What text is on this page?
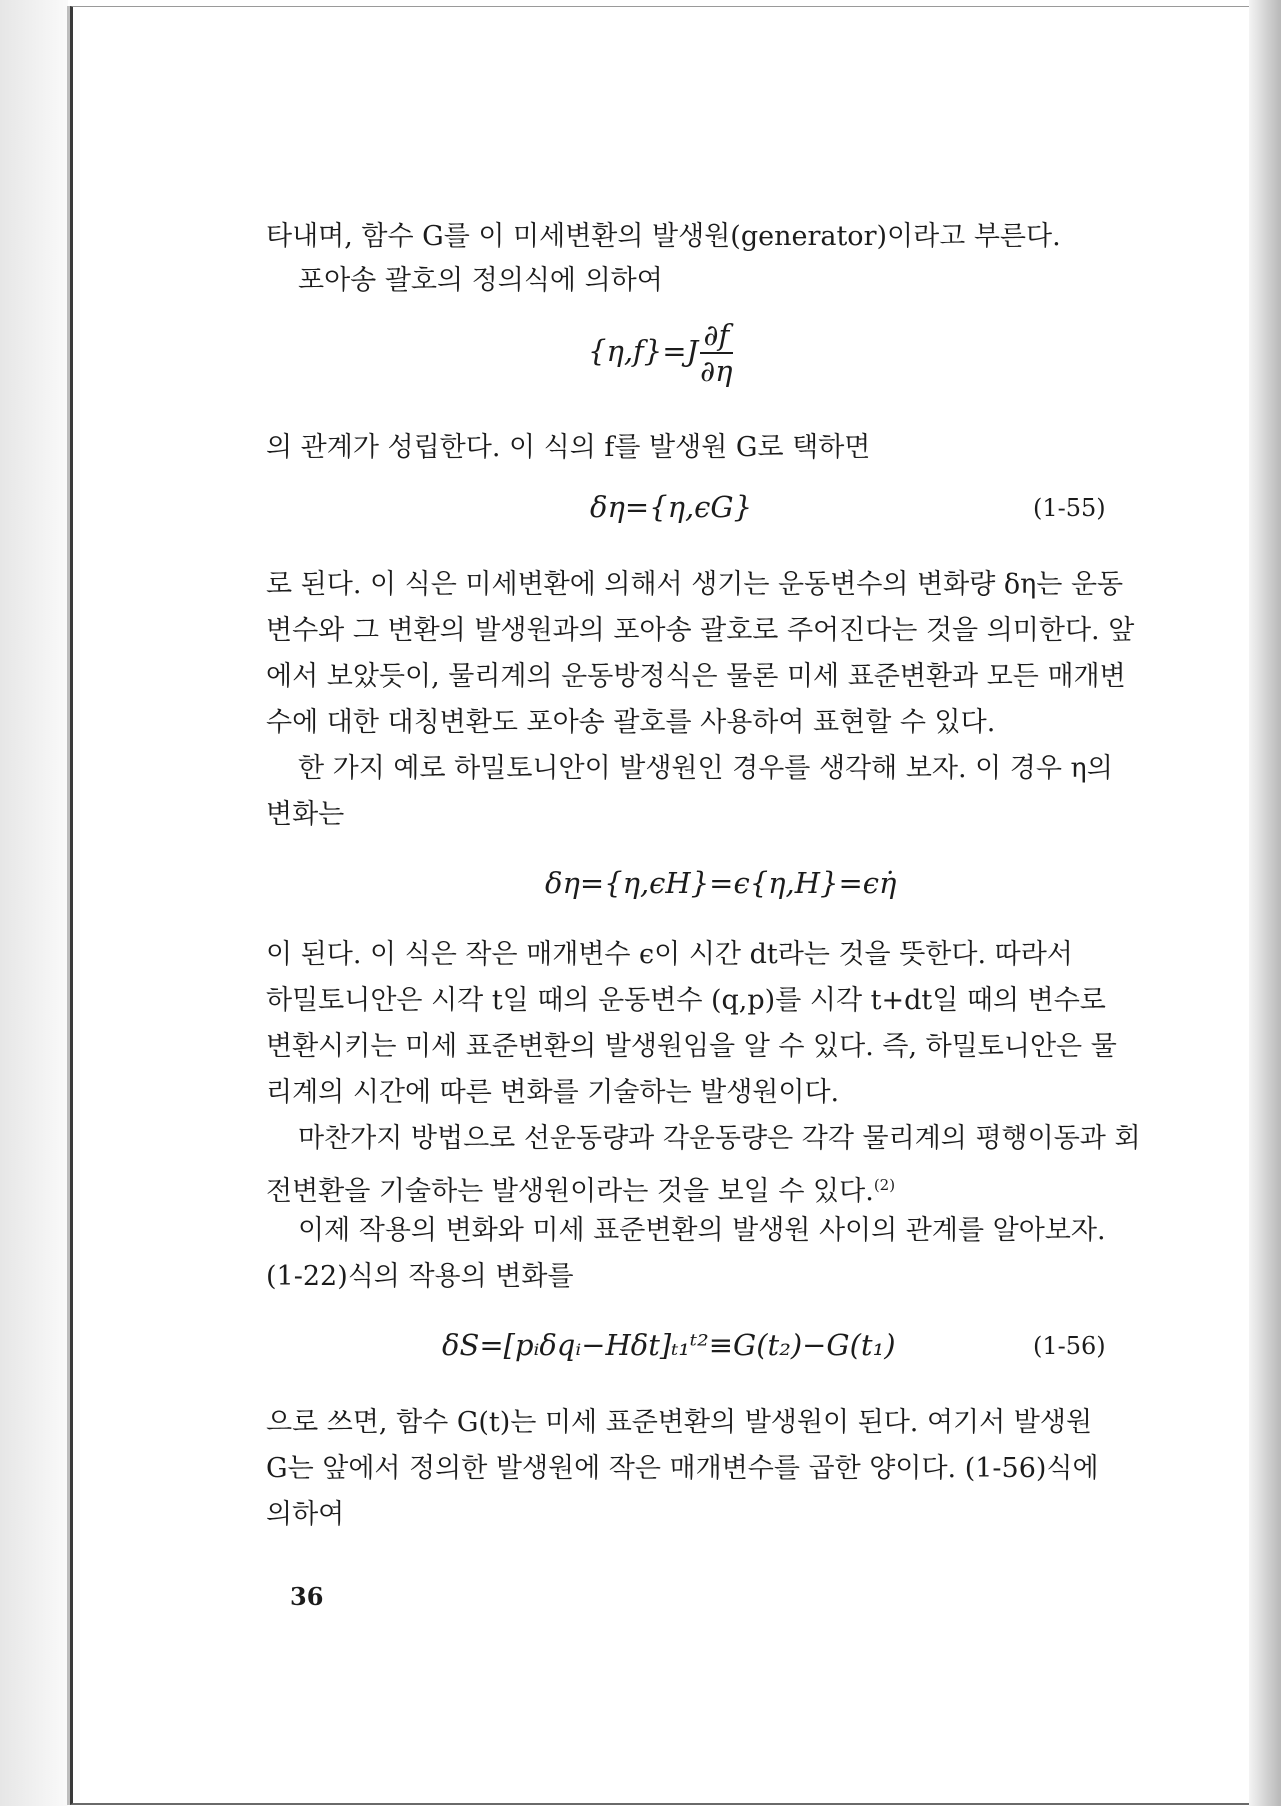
타내며, 함수 G를 이 미세변환의 발생원(generator)이라고 부른다.
포아송 괄호의 정의식에 의하여
$\{\eta,f\}=J \frac{\partial f}{\partial\eta}$
의 관계가 성립한다. 이 식의 f를 발생원 G로 택하면
δη={η,ϵG}	(1-55)
로 된다. 이 식은 미세변환에 의해서 생기는 운동변수의 변화량 δη는 운동
변수와 그 변환의 발생원과의 포아송 괄호로 주어진다는 것을 의미한다. 앞
에서 보았듯이, 물리계의 운동방정식은 물론 미세 표준변환과 모든 매개변
수에 대한 대칭변환도 포아송 괄호를 사용하여 표현할 수 있다.
한 가지 예로 하밀토니안이 발생원인 경우를 생각해 보자. 이 경우 η의
변화는
δη={η,ϵH}=ϵ{η,H}=ϵη̇
이 된다. 이 식은 작은 매개변수 ϵ이 시간 dt라는 것을 뜻한다. 따라서
하밀토니안은 시각 t일 때의 운동변수 (q,p)를 시각 t+dt일 때의 변수로
변환시키는 미세 표준변환의 발생원임을 알 수 있다. 즉, 하밀토니안은 물
리계의 시간에 따른 변화를 기술하는 발생원이다.
마찬가지 방법으로 선운동량과 각운동량은 각각 물리계의 평행이동과 회
전변환을 기술하는 발생원이라는 것을 보일 수 있다.$^{(2)}$
이제 작용의 변화와 미세 표준변환의 발생원 사이의 관계를 알아보자.
(1-22)식의 작용의 변화를
δS=[pᵢδqᵢ−Hδt]ₜ₁ᵗ²≡G(t₂)−G(t₁)	(1-56)
으로 쓰면, 함수 G(t)는 미세 표준변환의 발생원이 된다. 여기서 발생원
G는 앞에서 정의한 발생원에 작은 매개변수를 곱한 양이다. (1-56)식에
의하여
36
